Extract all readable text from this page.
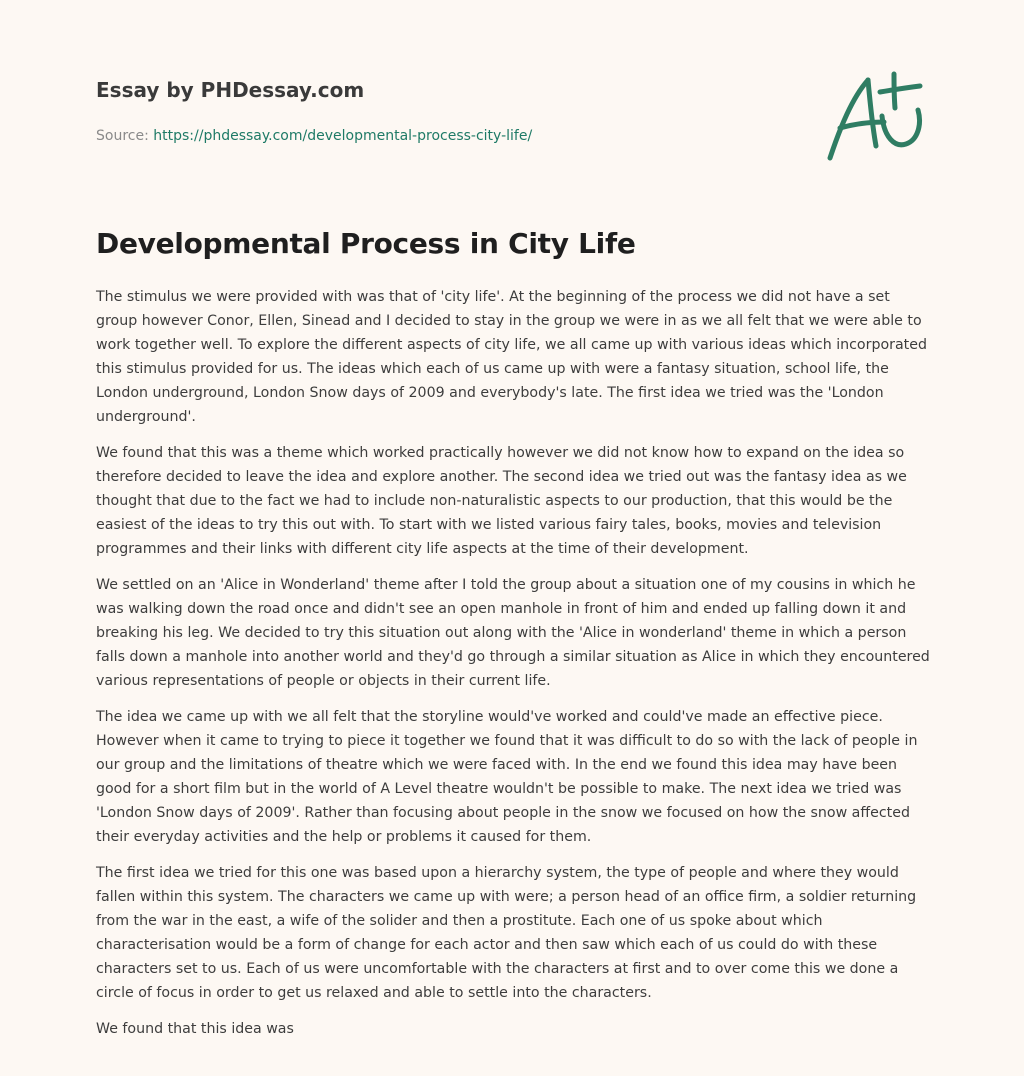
Essay by PHDessay.com
Source: https://phdessay.com/developmental-process-city-life/
Developmental Process in City Life

The stimulus we were provided with was that of 'city life'. At the beginning of the process we did not have a set group however Conor, Ellen, Sinead and I decided to stay in the group we were in as we all felt that we were able to work together well. To explore the different aspects of city life, we all came up with various ideas which incorporated this stimulus provided for us. The ideas which each of us came up with were a fantasy situation, school life, the London underground, London Snow days of 2009 and everybody's late. The first idea we tried was the 'London underground'.

We found that this was a theme which worked practically however we did not know how to expand on the idea so therefore decided to leave the idea and explore another. The second idea we tried out was the fantasy idea as we thought that due to the fact we had to include non-naturalistic aspects to our production, that this would be the easiest of the ideas to try this out with. To start with we listed various fairy tales, books, movies and television programmes and their links with different city life aspects at the time of their development.

We settled on an 'Alice in Wonderland' theme after I told the group about a situation one of my cousins in which he was walking down the road once and didn't see an open manhole in front of him and ended up falling down it and breaking his leg. We decided to try this situation out along with the 'Alice in wonderland' theme in which a person falls down a manhole into another world and they'd go through a similar situation as Alice in which they encountered various representations of people or objects in their current life.

The idea we came up with we all felt that the storyline would've worked and could've made an effective piece. However when it came to trying to piece it together we found that it was difficult to do so with the lack of people in our group and the limitations of theatre which we were faced with. In the end we found this idea may have been good for a short film but in the world of A Level theatre wouldn't be possible to make. The next idea we tried was 'London Snow days of 2009'. Rather than focusing about people in the snow we focused on how the snow affected their everyday activities and the help or problems it caused for them.

The first idea we tried for this one was based upon a hierarchy system, the type of people and where they would fallen within this system. The characters we came up with were; a person head of an office firm, a soldier returning from the war in the east, a wife of the solider and then a prostitute. Each one of us spoke about which characterisation would be a form of change for each actor and then saw which each of us could do with these characters set to us. Each of us were uncomfortable with the characters at first and to over come this we done a circle of focus in order to get us relaxed and able to settle into the characters.

We found that this idea was
